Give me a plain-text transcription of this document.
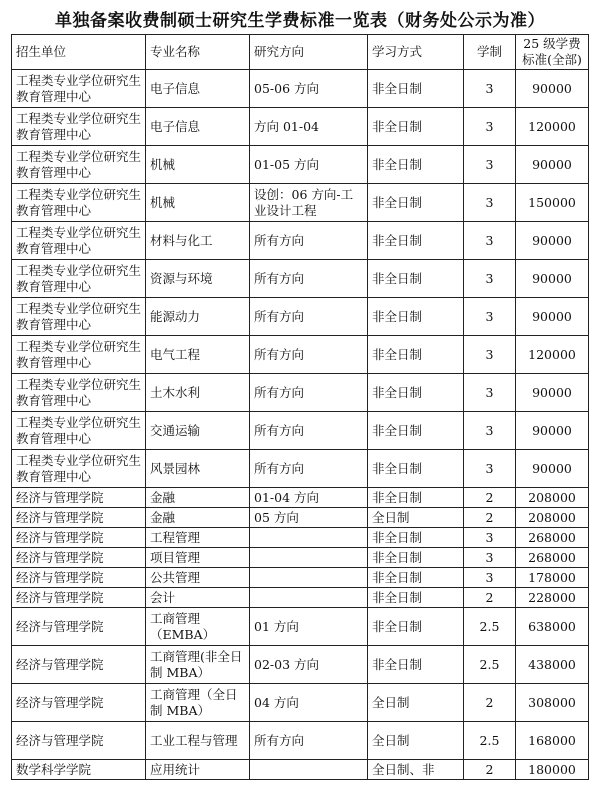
单独备案收费制硕士研究生学费标准一览表（财务处公示为准）
招生单位	专业名称	研究方向	学习方式	学制	25 级学费
标准(全部)
工程类专业学位研究生教育管理中心	电子信息	05-06 方向	非全日制	3	90000
工程类专业学位研究生教育管理中心	电子信息	方向 01-04	非全日制	3	120000
工程类专业学位研究生教育管理中心	机械	01-05 方向	非全日制	3	90000
工程类专业学位研究生教育管理中心	机械	设创：06 方向-工业设计工程	非全日制	3	150000
工程类专业学位研究生教育管理中心	材料与化工	所有方向	非全日制	3	90000
工程类专业学位研究生教育管理中心	资源与环境	所有方向	非全日制	3	90000
工程类专业学位研究生教育管理中心	能源动力	所有方向	非全日制	3	90000
工程类专业学位研究生教育管理中心	电气工程	所有方向	非全日制	3	120000
工程类专业学位研究生教育管理中心	土木水利	所有方向	非全日制	3	90000
工程类专业学位研究生教育管理中心	交通运输	所有方向	非全日制	3	90000
工程类专业学位研究生教育管理中心	风景园林	所有方向	非全日制	3	90000
经济与管理学院	金融	01-04 方向	非全日制	2	208000
经济与管理学院	金融	05 方向	全日制	2	208000
经济与管理学院	工程管理		非全日制	3	268000
经济与管理学院	项目管理		非全日制	3	268000
经济与管理学院	公共管理		非全日制	3	178000
经济与管理学院	会计		非全日制	2	228000
经济与管理学院	工商管理（EMBA）	01 方向	非全日制	2.5	638000
经济与管理学院	工商管理(非全日制 MBA）	02-03 方向	非全日制	2.5	438000
经济与管理学院	工商管理（全日制 MBA）	04 方向	全日制	2	308000
经济与管理学院	工业工程与管理	所有方向	全日制	2.5	168000
数学科学学院	应用统计		全日制、非	2	180000
